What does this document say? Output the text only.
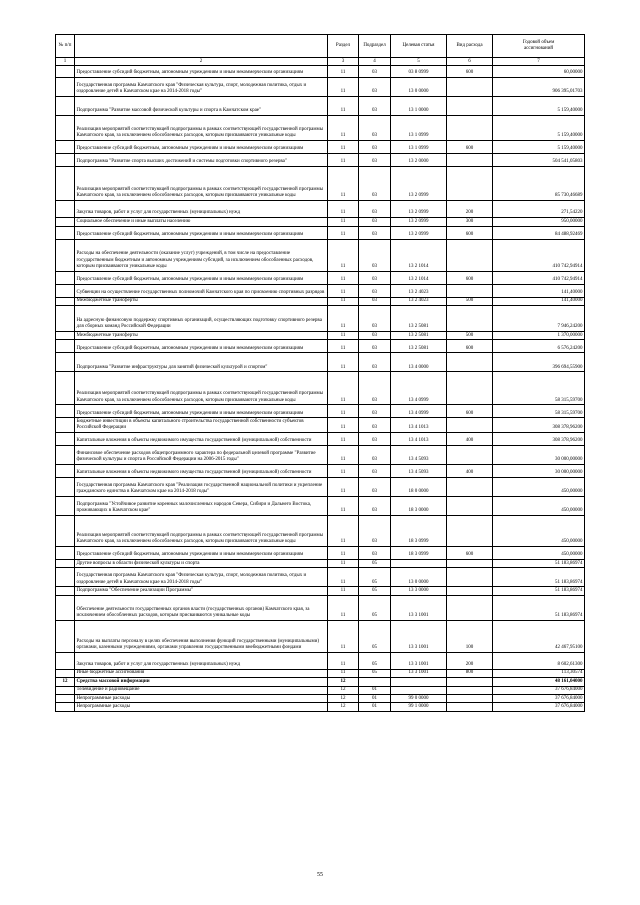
№ п/п		Раздел	Подраздел	Целевая статья	Вид расхода	Годовой объем
ассигнований
1	2	3	4	5	6	7
	Предоставление субсидий бюджетным, автономным учреждениям и иным некоммерческим организациям	11	03	03 8 0999	600	60,00000
	Государственная программа Камчатского края "Физическая культура, спорт, молодежная политика, отдых и оздоровление детей в Камчатском крае на 2014-2018 годы"	11	03	13 0 0000		906 395,01703
	Подпрограмма "Развитие массовой физической культуры и спорта в Камчатском крае"	11	03	13 1 0000		5 159,40000
	Реализация мероприятий соответствующей подпрограммы в рамках соответствующей государственной программы Камчатского края, за исключением обособленных расходов, которым присваиваются уникальные коды	11	03	13 1 0999		5 159,40000
	Предоставление субсидий бюджетным, автономным учреждениям и иным некоммерческим организациям	11	03	13 1 0999	600	5 159,40000
	Подпрограмма "Развитие спорта высших достижений и системы подготовки спортивного резерва"	11	03	13 2 0000		504 541,05803
	Реализация мероприятий соответствующей подпрограммы в рамках соответствующей государственной программы Камчатского края, за исключением обособленных расходов, которым присваиваются уникальные коды	11	03	13 2 0999		85 730,46689
	Закупка товаров, работ и услуг для государственных (муниципальных) нужд	11	03	13 2 0999	200	271,54220
	Социальное обеспечение и иные выплаты населению	11	03	13 2 0999	300	950,00000
	Предоставление субсидий бюджетным, автономным учреждениям и иным некоммерческим организациям	11	03	13 2 0999	600	84 488,92469
	Расходы на обеспечение деятельности (оказание услуг) учреждений, в том числе на предоставление государственным бюджетным и автономным учреждениям субсидий, за исключением обособленных расходов, которым присваиваются уникальные коды	11	03	13 2 1014		410 742,94914
	Предоставление субсидий бюджетным, автономным учреждениям и иным некоммерческим организациям	11	03	13 2 1014	600	410 742,94914
	Субвенции на осуществление государственных полномочий Камчатского края по присвоению спортивных разрядов	11	03	13 2 4023		141,40000
	Межбюджетные трансферты	11	03	13 2 4023	500	141,40000
	На адресную финансовую поддержку спортивных организаций, осуществляющих подготовку спортивного резерва для сборных команд Российской Федерации	11	03	13 2 5081		7 946,24200
	Межбюджетные трансферты	11	03	13 2 5081	500	1 370,00000
	Предоставление субсидий бюджетным, автономным учреждениям и иным некоммерческим организациям	11	03	13 2 5081	600	6 576,24200
	Подпрограмма "Развитие инфраструктуры для занятий физической культурой и спортом"	11	03	13 4 0000		396 694,55900
	Реализация мероприятий соответствующей подпрограммы в рамках соответствующей государственной программы Камчатского края, за исключением обособленных расходов, которым присваиваются уникальные коды	11	03	13 4 0999		58 315,59700
	Предоставление субсидий бюджетным, автономным учреждениям и иным некоммерческим организациям	11	03	13 4 0999	600	58 315,59700
	Бюджетные инвестиции в объекты капитального строительства государственной собственности субъектов Российской Федерации	11	03	13 4 1013		308 378,96200
	Капитальные вложения в объекты недвижимого имущества государственной (муниципальной) собственности	11	03	13 4 1013	400	308 378,96200
	Финансовое обеспечение расходов общепрограммного характера по федеральной целевой программе "Развитие физической культуры и спорта в Российской Федерации на 2006-2015 годы"	11	03	13 4 5093		30 000,00000
	Капитальные вложения в объекты недвижимого имущества государственной (муниципальной) собственности	11	03	13 4 5093	400	30 000,00000
	Государственная программа Камчатского края "Реализация государственной национальной политики и укрепление гражданского единства в Камчатском крае на 2014-2018 годы"	11	03	18 0 0000		450,00000
	Подпрограмма "Устойчивое развитие коренных малочисленных народов Севера, Сибири и Дальнего Востока, проживающих в Камчатском крае"	11	03	18 3 0000		450,00000
	Реализация мероприятий соответствующей подпрограммы в рамках соответствующей государственной программы Камчатского края, за исключением обособленных расходов, которым присваиваются уникальные коды	11	03	18 3 0999		450,00000
	Предоставление субсидий бюджетным, автономным учреждениям и иным некоммерческим организациям	11	03	18 3 0999	600	450,00000
	Другие вопросы в области физической культуры и спорта	11	05			51 183,86974
	Государственная программа Камчатского края "Физическая культура, спорт, молодежная политика, отдых и оздоровление детей в Камчатском крае на 2014-2018 годы"	11	05	13 0 0000		51 183,86974
	Подпрограмма "Обеспечение реализации Программы"	11	05	13 3 0000		51 183,86974
	Обеспечение деятельности государственных органов власти (государственных органов) Камчатского края, за исключением обособленных расходов, которым присваиваются уникальные коды	11	05	13 3 1001		51 183,86974
	Расходы на выплаты персоналу в целях обеспечения выполнения функций государственными (муниципальными) органами, казенными учреждениями, органами управления государственными внебюджетными фондами	11	05	13 3 1001	100	42 467,95100
	Закупка товаров, работ и услуг для государственных (муниципальных) нужд	11	05	13 3 1001	200	8 602,61300
	Иные бюджетные ассигнования	11	05	13 3 1001	800	113,30574
12	Средства массовой информации	12				48 161,04000
	Телевидение и радиовещание	12	01			37 676,84000
	Непрограммные расходы	12	01	99 0 0000		37 676,84000
	Непрограммные расходы	12	01	99 1 0000		37 676,84000
55
